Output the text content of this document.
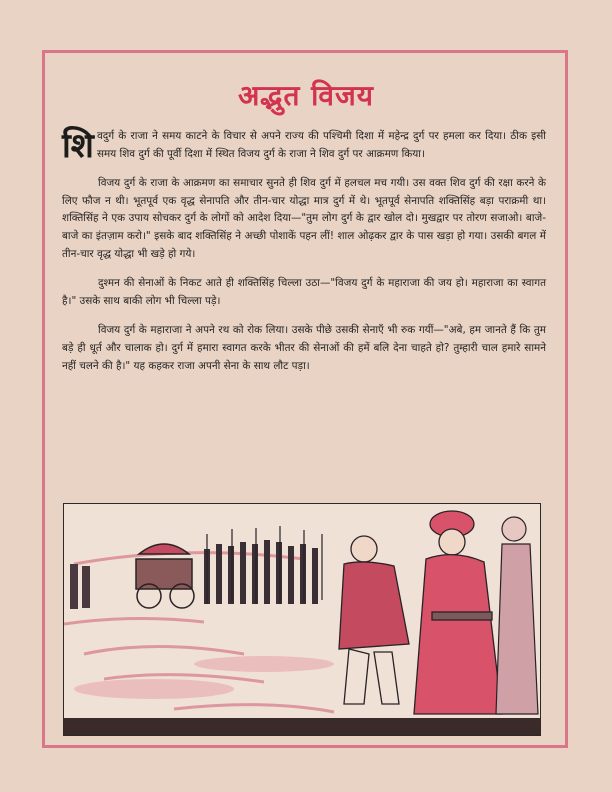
अद्भुत विजय

शिवदुर्ग के राजा ने समय काटने के विचार से अपने राज्य की पश्चिमी दिशा में महेन्द्र दुर्ग पर हमला कर दिया। ठीक इसी समय शिव दुर्ग की पूर्वी दिशा में स्थित विजय दुर्ग के राजा ने शिव दुर्ग पर आक्रमण किया।

विजय दुर्ग के राजा के आक्रमण का समाचार सुनते ही शिव दुर्ग में हलचल मच गयी। उस वक्त शिव दुर्ग की रक्षा करने के लिए फौज न थी। भूतपूर्व एक वृद्ध सेनापति और तीन-चार योद्धा मात्र दुर्ग में थे। भूतपूर्व सेनापति शक्तिसिंह बड़ा पराक्रमी था। शक्तिसिंह ने एक उपाय सोचकर दुर्ग के लोगों को आदेश दिया—"तुम लोग दुर्ग के द्वार खोल दो। मुखद्वार पर तोरण सजाओ। बाजे-बाजे का इंतज़ाम करो।" इसके बाद शक्तिसिंह ने अच्छी पोशाकें पहन लीं! शाल ओढ़कर द्वार के पास खड़ा हो गया। उसकी बगल में तीन-चार वृद्ध योद्धा भी खड़े हो गये।

दुश्मन की सेनाओं के निकट आते ही शक्तिसिंह चिल्ला उठा—"विजय दुर्ग के महाराजा की जय हो। महाराजा का स्वागत है।" उसके साथ बाकी लोग भी चिल्ला पड़े।

विजय दुर्ग के महाराजा ने अपने रथ को रोक लिया। उसके पीछे उसकी सेनाएँ भी रुक गयीं—"अबे, हम जानते हैं कि तुम बड़े ही धूर्त और चालाक हो। दुर्ग में हमारा स्वागत करके भीतर की सेनाओं की हमें बलि देना चाहते हो? तुम्हारी चाल हमारे सामने नहीं चलने की है।" यह कहकर राजा अपनी सेना के साथ लौट पड़ा।
